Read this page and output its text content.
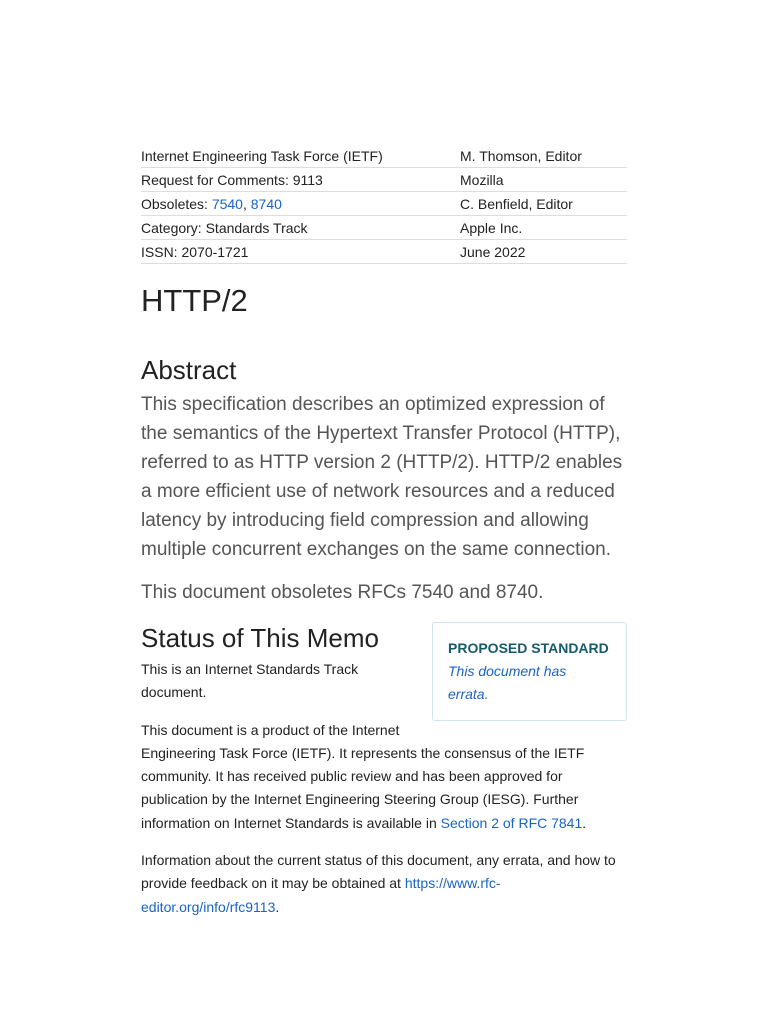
Internet Engineering Task Force (IETF)	M. Thomson, Editor
Request for Comments: 9113	Mozilla
Obsoletes: 7540, 8740	C. Benfield, Editor
Category: Standards Track	Apple Inc.
ISSN: 2070-1721	June 2022
HTTP/2
Abstract

This specification describes an optimized expression of the semantics of the Hypertext Transfer Protocol (HTTP), referred to as HTTP version 2 (HTTP/2). HTTP/2 enables a more efficient use of network resources and a reduced latency by introducing field compression and allowing multiple concurrent exchanges on the same connection.

This document obsoletes RFCs 7540 and 8740.

PROPOSED STANDARD
This document has errata.
Status of This Memo

This is an Internet Standards Track document.

This document is a product of the Internet Engineering Task Force (IETF). It represents the consensus of the IETF community. It has received public review and has been approved for publication by the Internet Engineering Steering Group (IESG). Further information on Internet Standards is available in Section 2 of RFC 7841.

Information about the current status of this document, any errata, and how to provide feedback on it may be obtained at https://www.rfc-editor.org/info/rfc9113.
